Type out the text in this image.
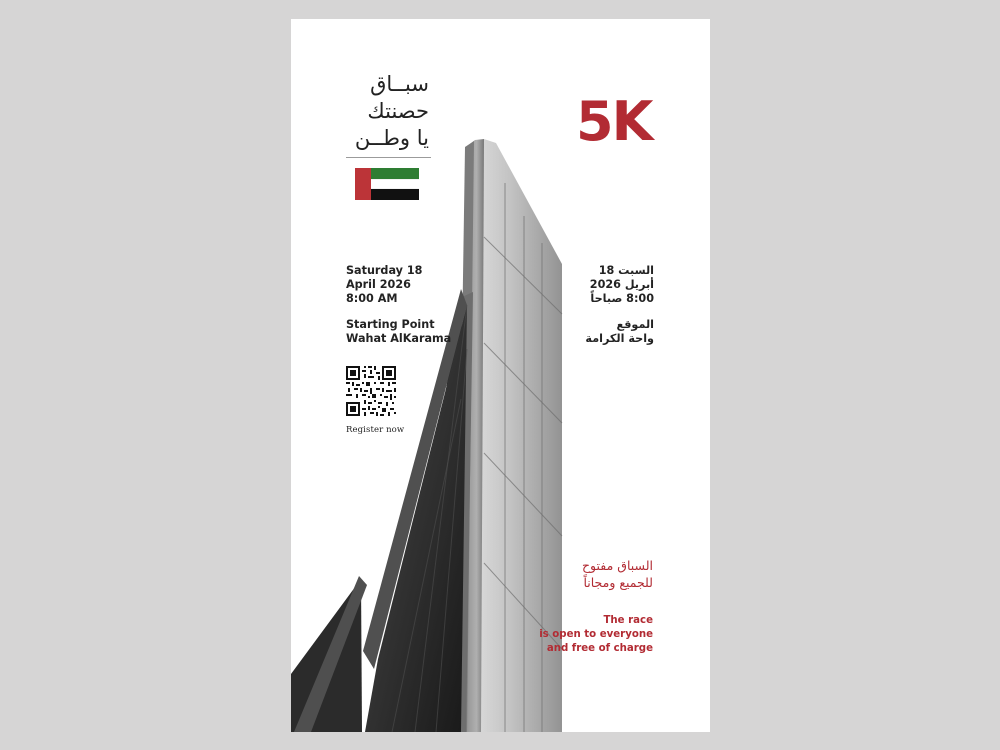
سبــاق
حصنتك
يا وطــن	5K
Saturday 18
April 2026
8:00 AM
Starting Point
Wahat AlKarama
السبت 18
أبريل 2026
8:00 صباحاً
الموقع
واحة الكرامة
Register now
السباق مفتوح
للجميع ومجاناً
The race
is open to everyone
and free of charge
